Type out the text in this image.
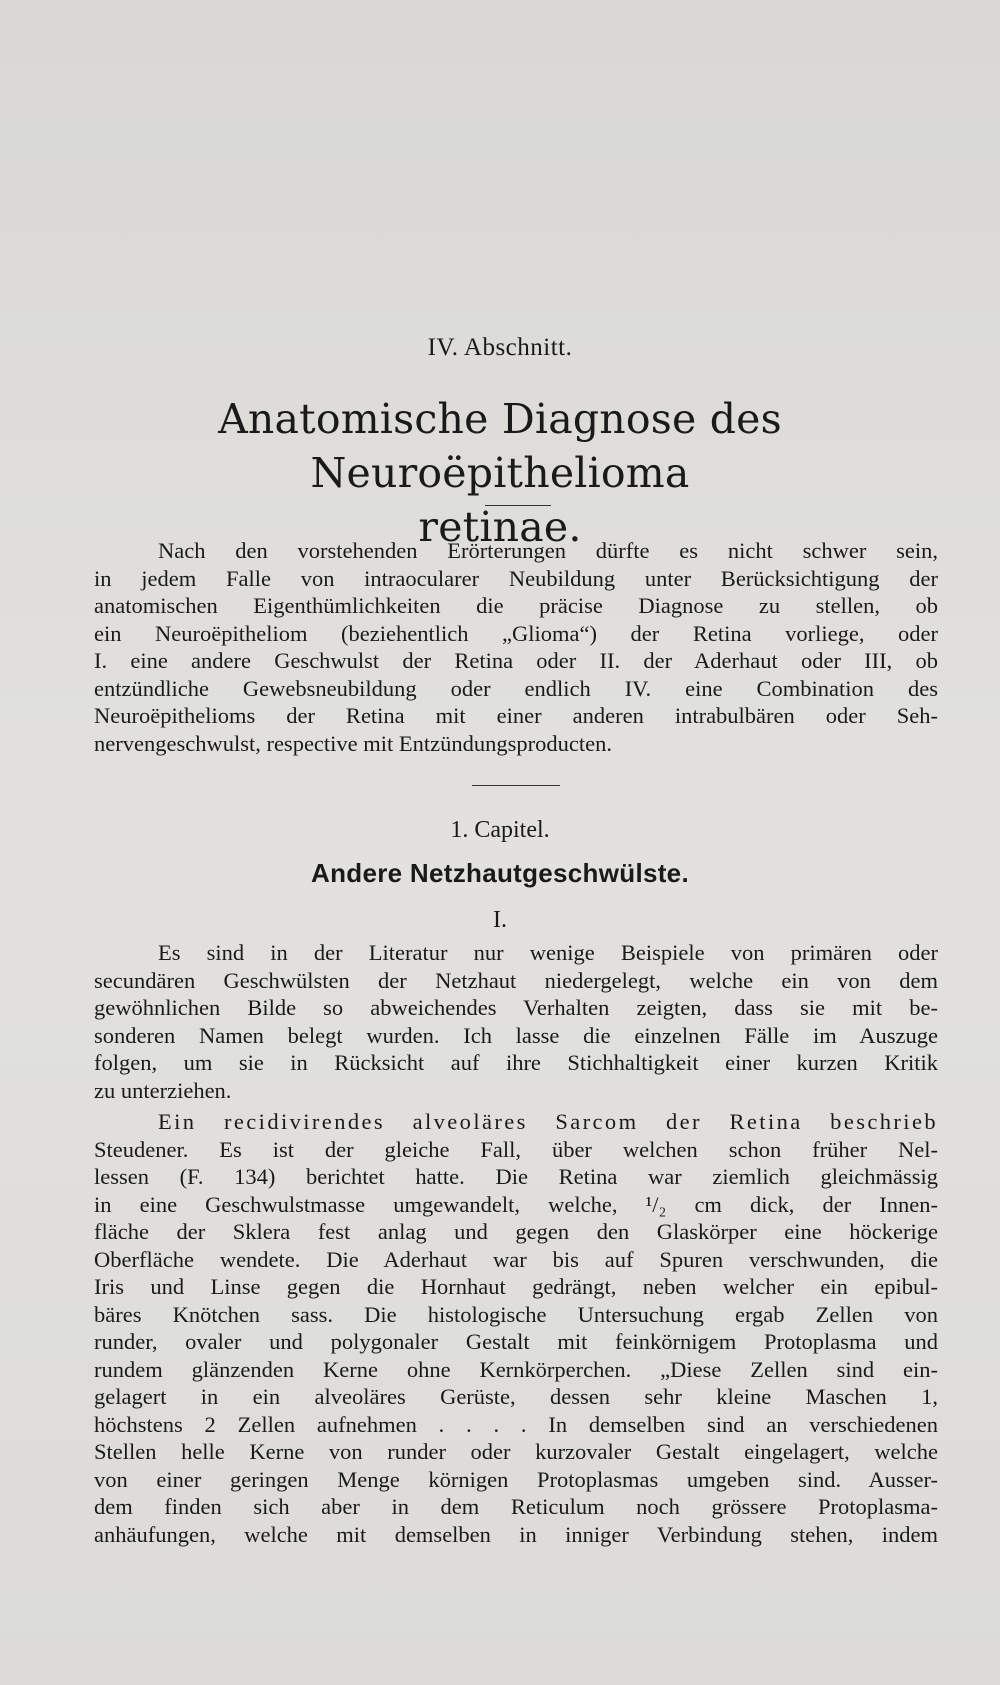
IV. Abschnitt.
Anatomische Diagnose des Neuroëpithelioma
retinae.

Nach den vorstehenden Erörterungen dürfte es nicht schwer sein,
in jedem Falle von intraocularer Neubildung unter Berücksichtigung der
anatomischen Eigenthümlichkeiten die präcise Diagnose zu stellen, ob
ein Neuroëpitheliom (beziehentlich „Glioma“) der Retina vorliege, oder
I. eine andere Geschwulst der Retina oder II. der Aderhaut oder III, ob
entzündliche Gewebsneubildung oder endlich IV. eine Combination des
Neuroëpithelioms der Retina mit einer anderen intrabulbären oder Seh-
nervengeschwulst, respective mit Entzündungsproducten.

1. Capitel.
Andere Netzhautgeschwülste.
I.

Es sind in der Literatur nur wenige Beispiele von primären oder
secundären Geschwülsten der Netzhaut niedergelegt, welche ein von dem
gewöhnlichen Bilde so abweichendes Verhalten zeigten, dass sie mit be-
sonderen Namen belegt wurden. Ich lasse die einzelnen Fälle im Auszuge
folgen, um sie in Rücksicht auf ihre Stichhaltigkeit einer kurzen Kritik
zu unterziehen.

Ein recidivirendes alveoläres Sarcom der Retina beschrieb
Steudener. Es ist der gleiche Fall, über welchen schon früher Nel-
lessen (F. 134) berichtet hatte. Die Retina war ziemlich gleichmässig
in eine Geschwulstmasse umgewandelt, welche, ¹/₂ cm dick, der Innen-
fläche der Sklera fest anlag und gegen den Glaskörper eine höckerige
Oberfläche wendete. Die Aderhaut war bis auf Spuren verschwunden, die
Iris und Linse gegen die Hornhaut gedrängt, neben welcher ein epibul-
bäres Knötchen sass. Die histologische Untersuchung ergab Zellen von
runder, ovaler und polygonaler Gestalt mit feinkörnigem Protoplasma und
rundem glänzenden Kerne ohne Kernkörperchen. „Diese Zellen sind ein-
gelagert in ein alveoläres Gerüste, dessen sehr kleine Maschen 1,
höchstens 2 Zellen aufnehmen . . . . In demselben sind an verschiedenen
Stellen helle Kerne von runder oder kurzovaler Gestalt eingelagert, welche
von einer geringen Menge körnigen Protoplasmas umgeben sind. Ausser-
dem finden sich aber in dem Reticulum noch grössere Protoplasma-
anhäufungen, welche mit demselben in inniger Verbindung stehen, indem
